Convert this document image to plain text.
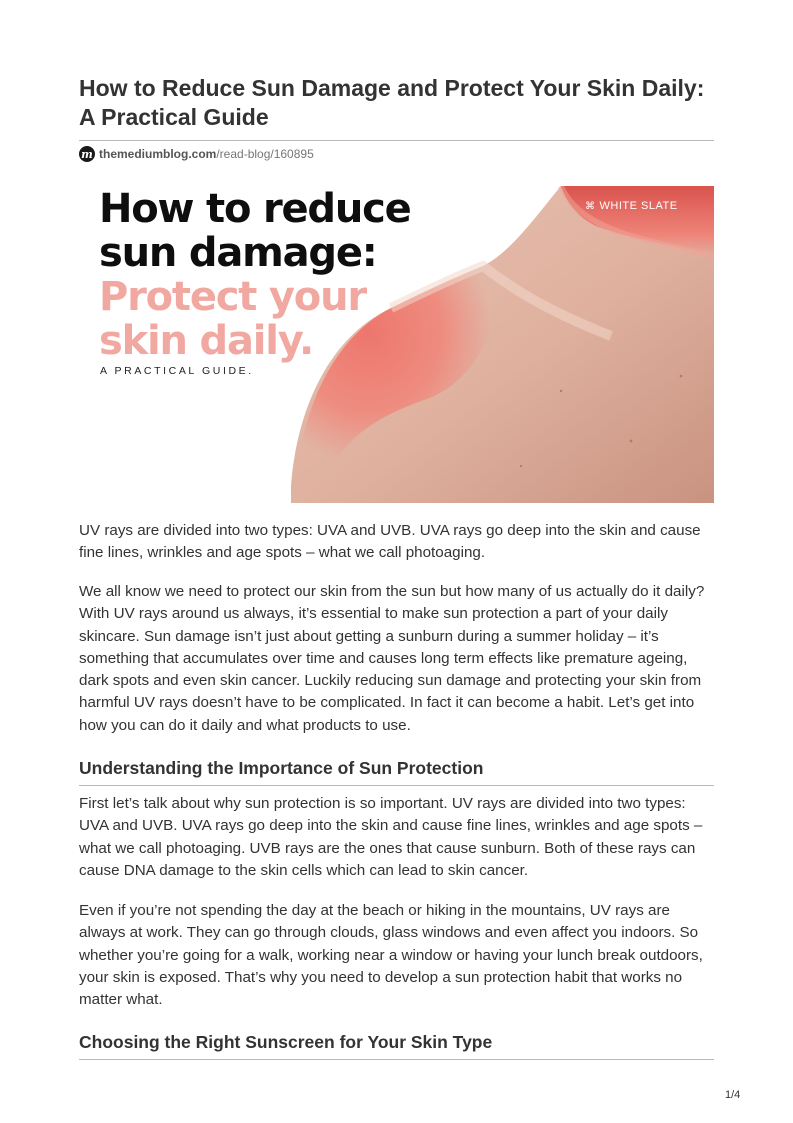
How to Reduce Sun Damage and Protect Your Skin Daily: A Practical Guide
m themediumblog.com /read-blog/160895
How to reduce
sun damage:
Protect your
skin daily.
A PRACTICAL GUIDE.
⌘ WHITE SLATE

UV rays are divided into two types: UVA and UVB. UVA rays go deep into the skin and cause fine lines, wrinkles and age spots – what we call photoaging.

We all know we need to protect our skin from the sun but how many of us actually do it daily? With UV rays around us always, it’s essential to make sun protection a part of your daily skincare. Sun damage isn’t just about getting a sunburn during a summer holiday – it’s something that accumulates over time and causes long term effects like premature ageing, dark spots and even skin cancer. Luckily reducing sun damage and protecting your skin from harmful UV rays doesn’t have to be complicated. In fact it can become a habit. Let’s get into how you can do it daily and what products to use.

Understanding the Importance of Sun Protection

First let’s talk about why sun protection is so important. UV rays are divided into two types: UVA and UVB. UVA rays go deep into the skin and cause fine lines, wrinkles and age spots – what we call photoaging. UVB rays are the ones that cause sunburn. Both of these rays can cause DNA damage to the skin cells which can lead to skin cancer.

Even if you’re not spending the day at the beach or hiking in the mountains, UV rays are always at work. They can go through clouds, glass windows and even affect you indoors. So whether you’re going for a walk, working near a window or having your lunch break outdoors, your skin is exposed. That’s why you need to develop a sun protection habit that works no matter what.

Choosing the Right Sunscreen for Your Skin Type
1/4
